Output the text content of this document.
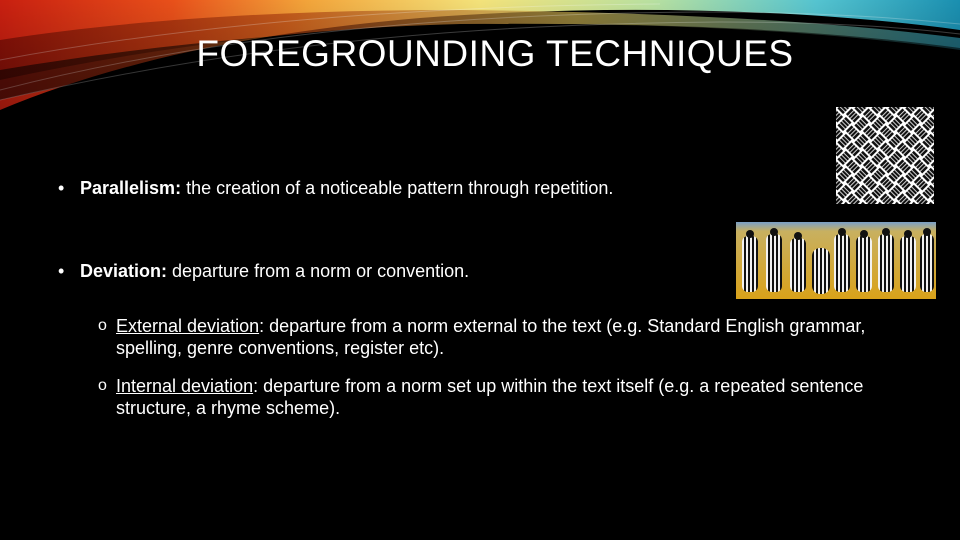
FOREGROUNDING TECHNIQUES
• Parallelism: the creation of a noticeable pattern through repetition.
• Deviation: departure from a norm or convention.
o External deviation: departure from a norm external to the text (e.g. Standard English grammar, spelling, genre conventions, register etc).
o Internal deviation: departure from a norm set up within the text itself (e.g. a repeated sentence structure, a rhyme scheme).
